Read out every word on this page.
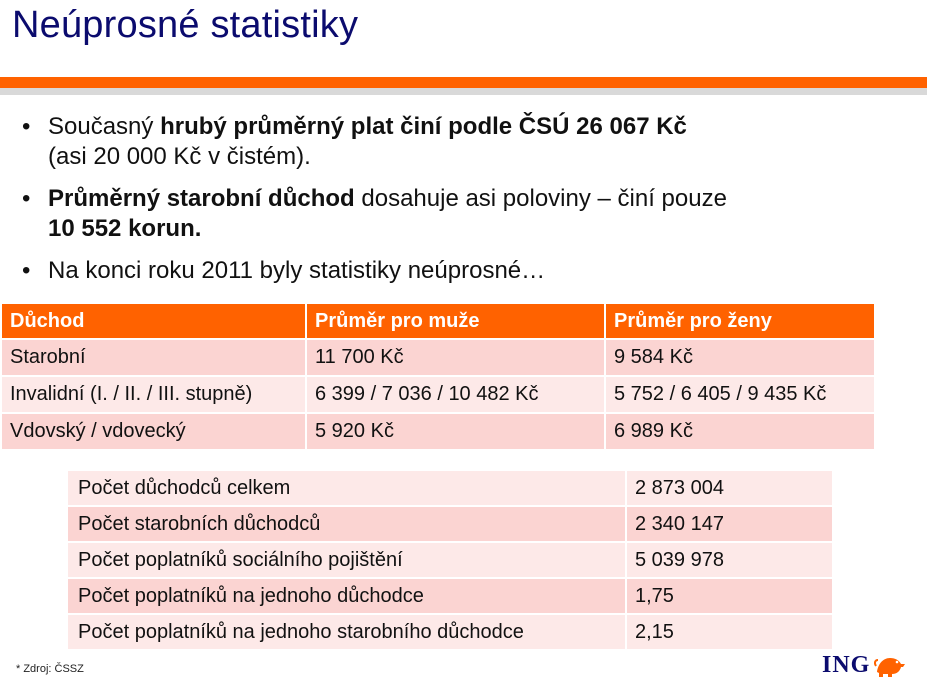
Neúprosné statistiky
• Současný hrubý průměrný plat činí podle ČSÚ 26 067 Kč
(asi 20 000 Kč v čistém).
• Průměrný starobní důchod dosahuje asi poloviny – činí pouze
10 552 korun.
• Na konci roku 2011 byly statistiky neúprosné…
Důchod	Průměr pro muže	Průměr pro ženy
Starobní	11 700 Kč	9 584 Kč
Invalidní (I. / II. / III. stupně)	6 399 / 7 036 / 10 482 Kč	5 752 / 6 405 / 9 435 Kč
Vdovský / vdovecký	5 920 Kč	6 989 Kč
Počet důchodců celkem	2 873 004
Počet starobních důchodců	2 340 147
Počet poplatníků sociálního pojištění	5 039 978
Počet poplatníků na jednoho důchodce	1,75
Počet poplatníků na jednoho starobního důchodce	2,15
* Zdroj: ČSSZ	ING
